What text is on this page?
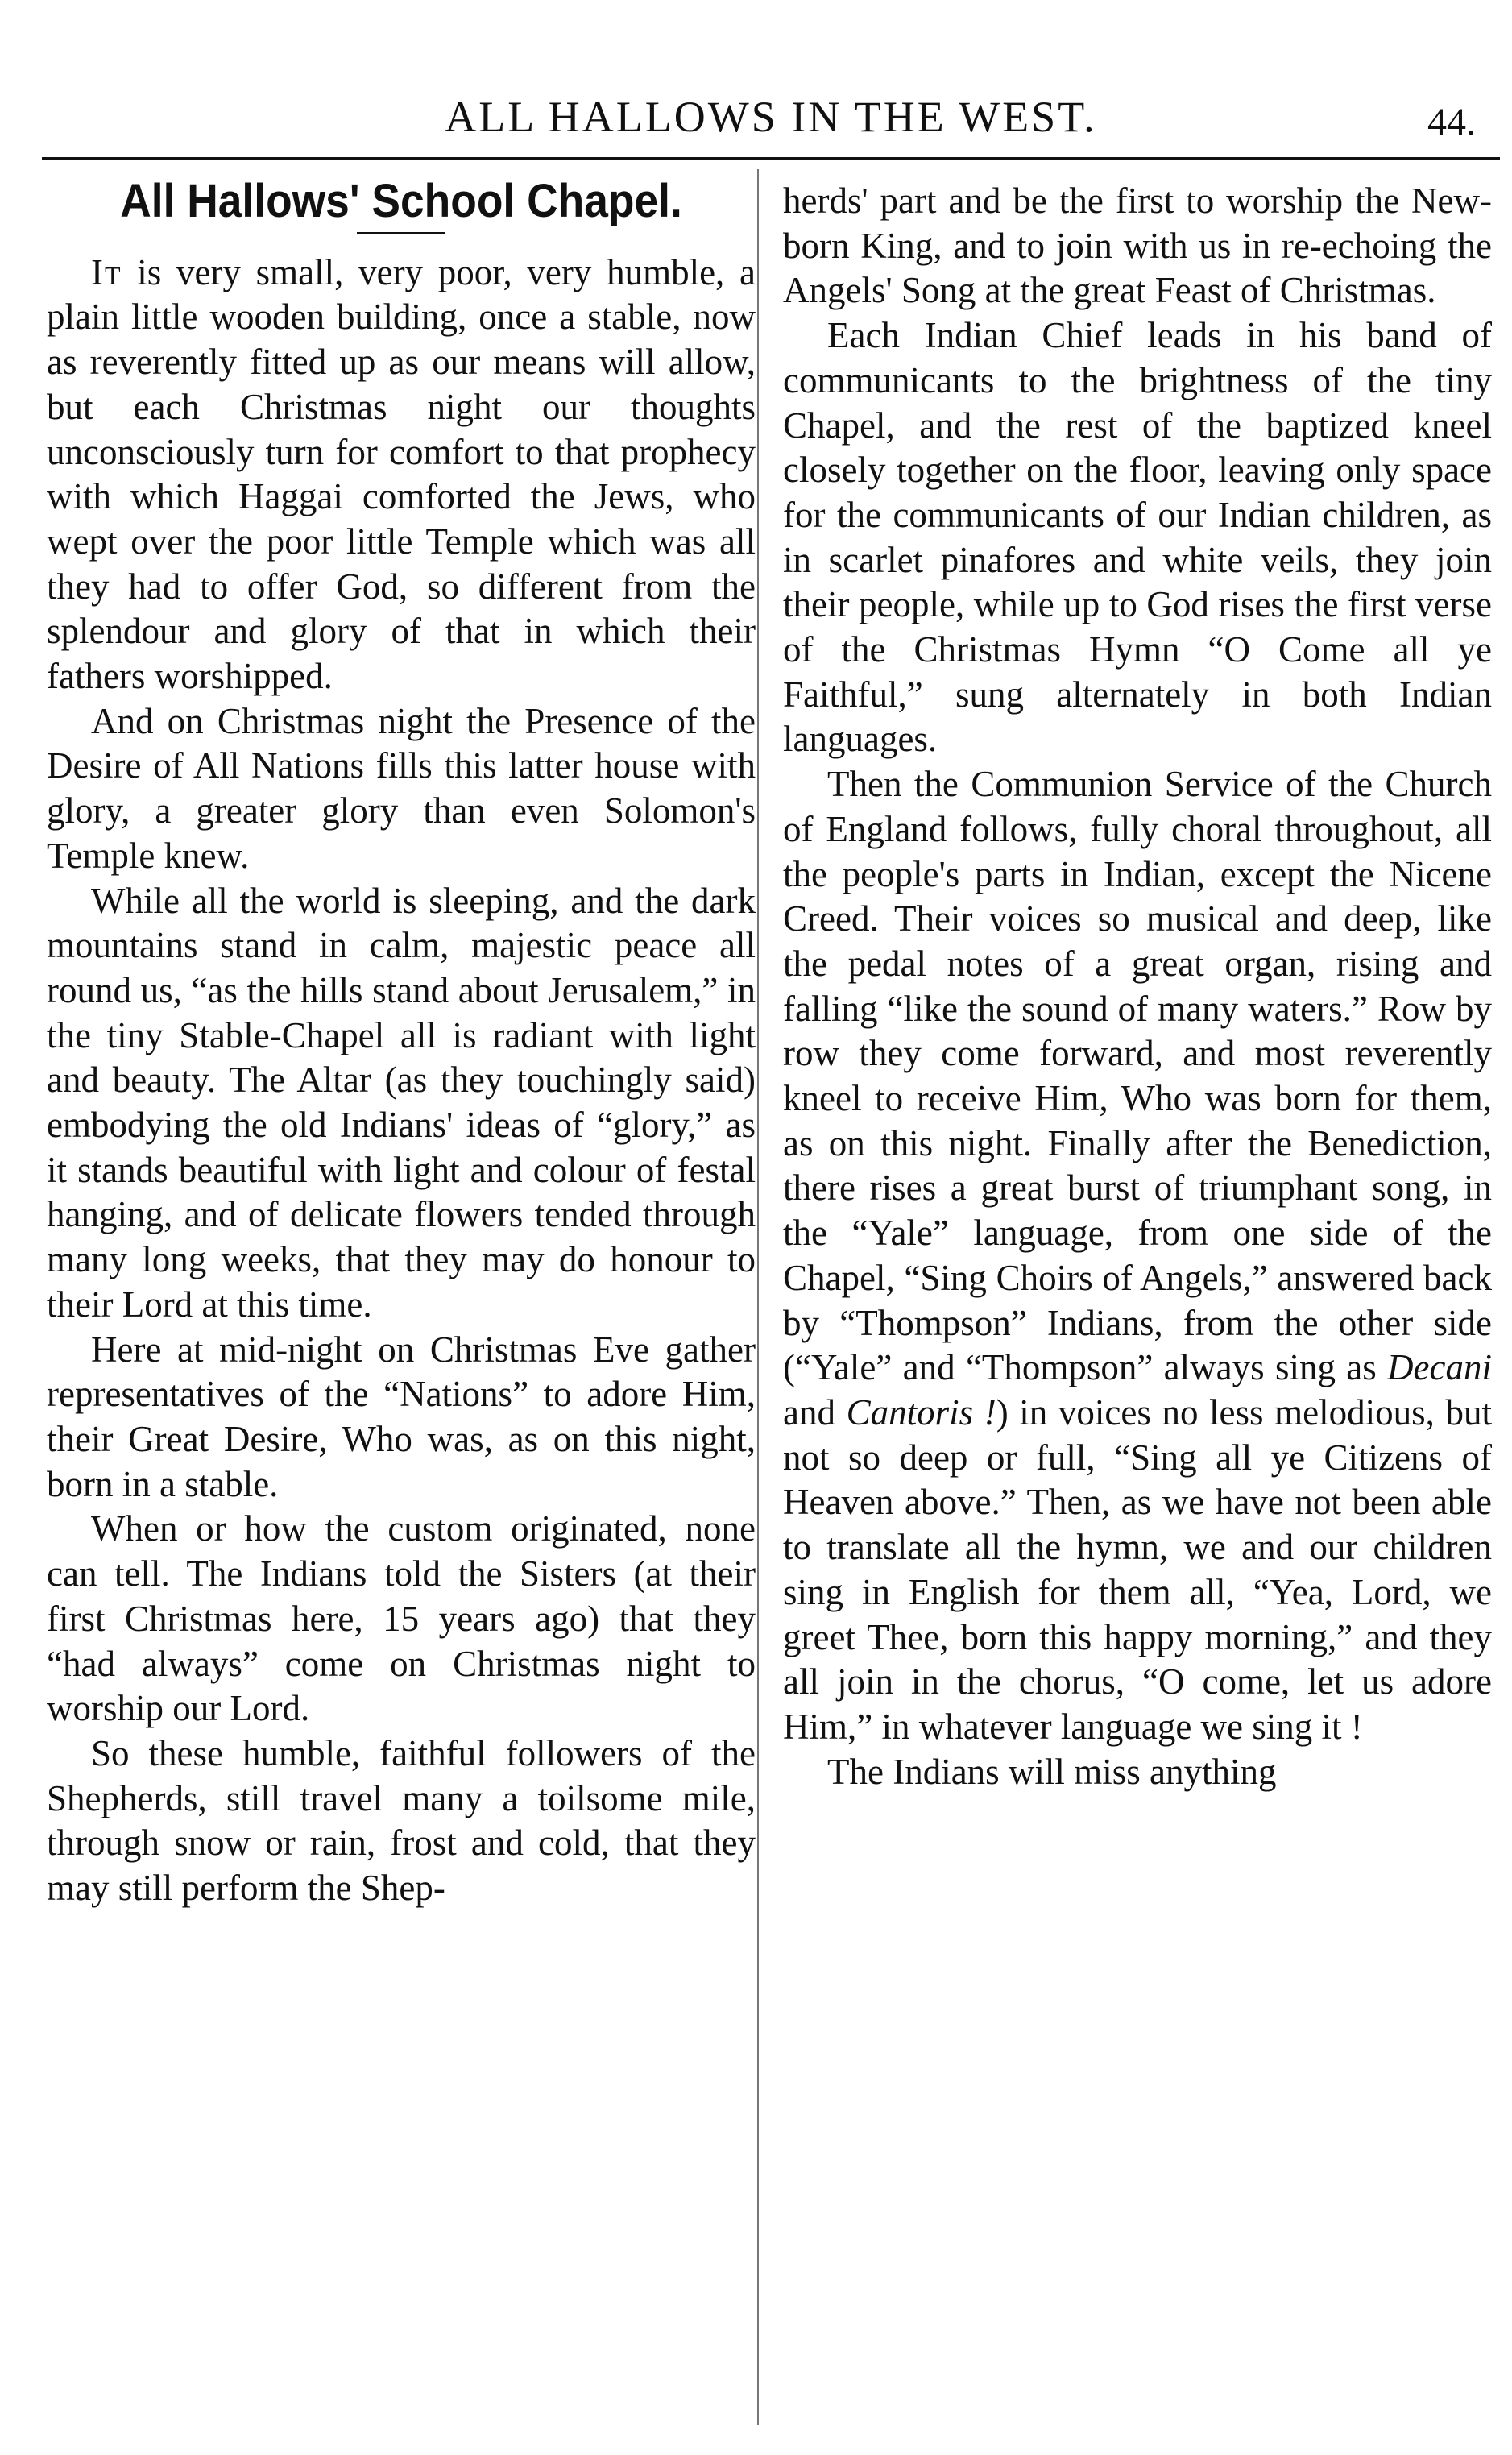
ALL HALLOWS IN THE WEST.	44.
All Hallows' School Chapel.

It is very small, very poor, very humble, a plain little wooden building, once a stable, now as reverently fitted up as our means will allow, but each Christmas night our thoughts unconsciously turn for comfort to that prophecy with which Haggai comforted the Jews, who wept over the poor little Temple which was all they had to offer God, so different from the splendour and glory of that in which their fathers worshipped.

And on Christmas night the Presence of the Desire of All Nations fills this latter house with glory, a greater glory than even Solomon's Temple knew.

While all the world is sleeping, and the dark mountains stand in calm, majestic peace all round us, “as the hills stand about Jerusalem,” in the tiny Stable-Chapel all is radiant with light and beauty. The Altar (as they touchingly said) embodying the old Indians' ideas of “glory,” as it stands beautiful with light and colour of festal hanging, and of delicate flowers tended through many long weeks, that they may do honour to their Lord at this time.

Here at mid-night on Christmas Eve gather representatives of the “Nations” to adore Him, their Great Desire, Who was, as on this night, born in a stable.

When or how the custom originated, none can tell. The Indians told the Sisters (at their first Christmas here, 15 years ago) that they “had always” come on Christmas night to worship our Lord.

So these humble, faithful followers of the Shepherds, still travel many a toilsome mile, through snow or rain, frost and cold, that they may still perform the Shep-

herds' part and be the first to worship the New-born King, and to join with us in re-echoing the Angels' Song at the great Feast of Christmas.

Each Indian Chief leads in his band of communicants to the brightness of the tiny Chapel, and the rest of the baptized kneel closely together on the floor, leaving only space for the communicants of our Indian children, as in scarlet pinafores and white veils, they join their people, while up to God rises the first verse of the Christmas Hymn “O Come all ye Faithful,” sung alternately in both Indian languages.

Then the Communion Service of the Church of England follows, fully choral throughout, all the people's parts in Indian, except the Nicene Creed. Their voices so musical and deep, like the pedal notes of a great organ, rising and falling “like the sound of many waters.” Row by row they come forward, and most reverently kneel to receive Him, Who was born for them, as on this night. Finally after the Benediction, there rises a great burst of triumphant song, in the “Yale” language, from one side of the Chapel, “Sing Choirs of Angels,” answered back by “Thompson” Indians, from the other side (“Yale” and “Thompson” always sing as Decani and Cantoris !) in voices no less melodious, but not so deep or full, “Sing all ye Citizens of Heaven above.” Then, as we have not been able to translate all the hymn, we and our children sing in English for them all, “Yea, Lord, we greet Thee, born this happy morning,” and they all join in the chorus, “O come, let us adore Him,” in whatever language we sing it !

The Indians will miss anything
